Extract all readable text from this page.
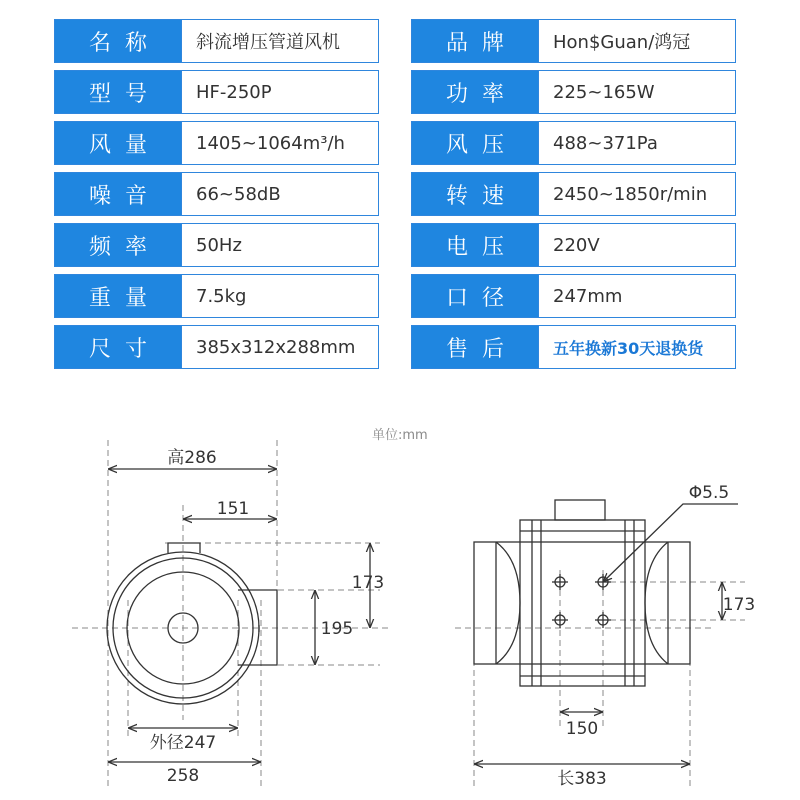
名称	斜流增压管道风机
型号	HF-250P
风量	1405~1064m³/h
噪音	66~58dB
频率	50Hz
重量	7.5kg
尺寸	385x312x288mm
品牌	Hon$Guan/鸿冠
功率	225~165W
风压	488~371Pa
转速	2450~1850r/min
电压	220V
口径	247mm
售后	五年换新30天退换货
单位:mm
高286
151
173
195
外径247
258
Φ5.5
173
150
长383
